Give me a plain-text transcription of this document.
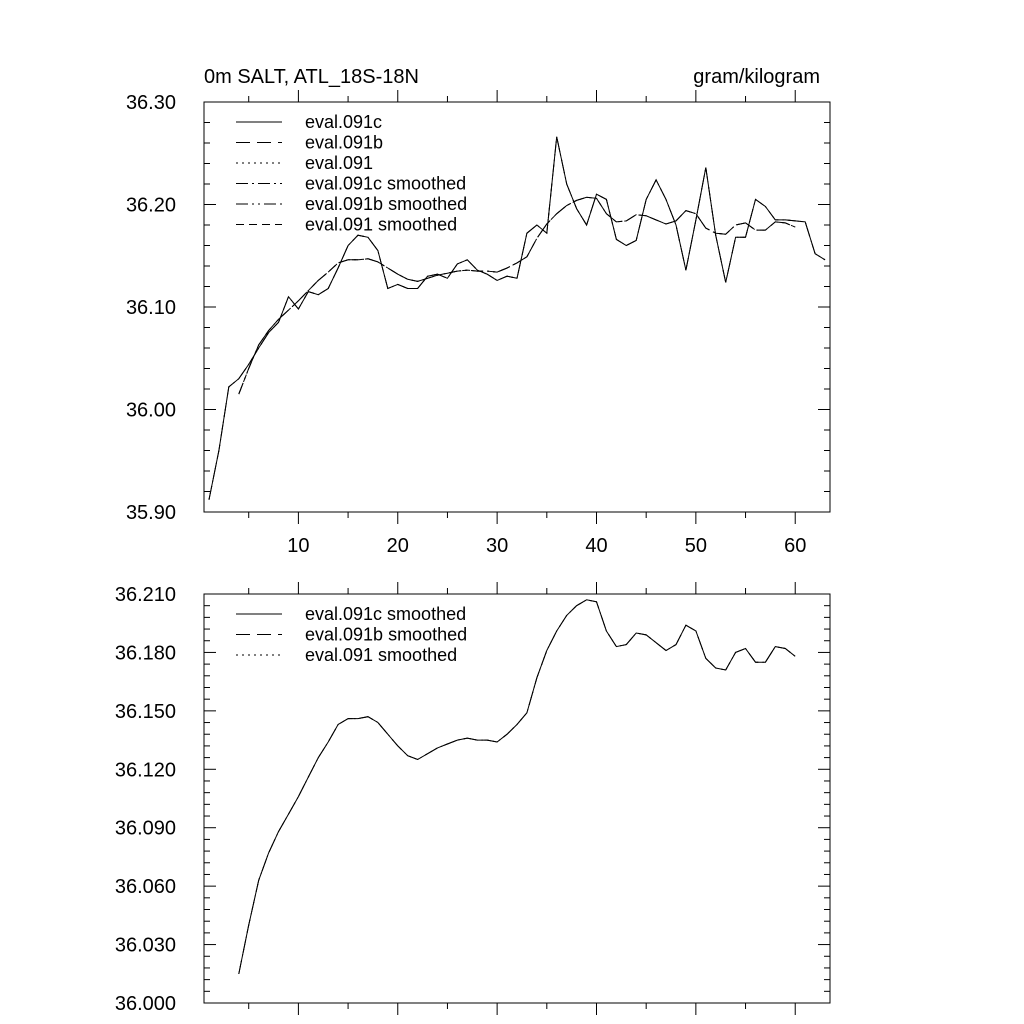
0m SALT, ATL_18S-18N	gram/kilogram
10	20	30	40	50	60
35.90
36.00
36.10
36.20
36.30
eval.091c
eval.091b
eval.091
eval.091c smoothed
eval.091b smoothed
eval.091 smoothed
36.000
36.030
36.060
36.090
36.120
36.150
36.180
36.210
eval.091c smoothed
eval.091b smoothed
eval.091 smoothed
